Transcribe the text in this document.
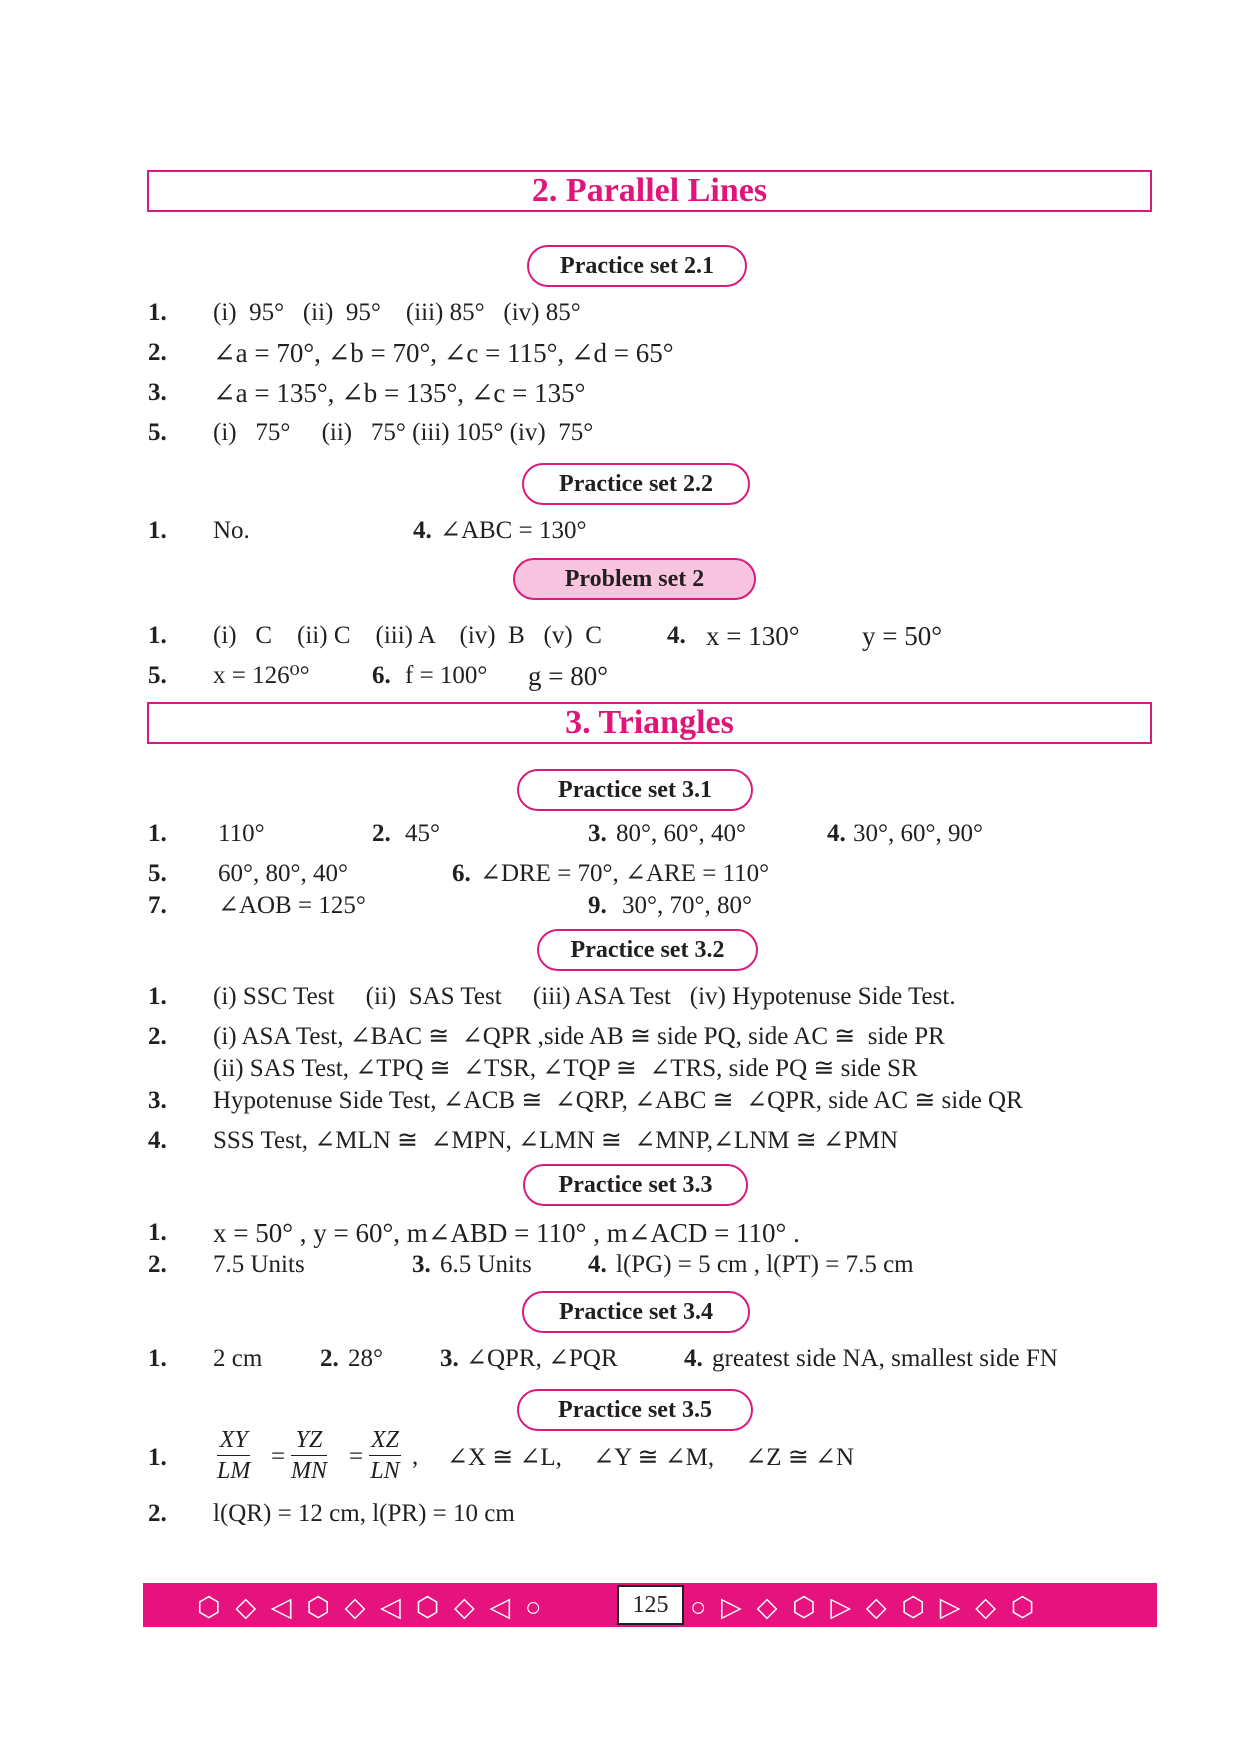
2. Parallel Lines
Practice set 2.1
1. (i)  95°   (ii)  95°    (iii) 85°   (iv) 85°
2. ∠a = 70°, ∠b = 70°, ∠c = 115°, ∠d = 65°
3. ∠a = 135°, ∠b = 135°, ∠c = 135°
5. (i)   75°     (ii)   75° (iii) 105° (iv)  75°
Practice set 2.2
1. No.	4. ∠ABC = 130°
Problem set 2
1. (i)   C    (ii) C    (iii) A    (iv)  B   (v)  C	4. x = 130° y = 50°
5. x = 126⁰° 6. f = 100° g = 80°
3. Triangles
Practice set 3.1
1. 110°	2. 45°	3. 80°, 60°, 40°	4. 30°, 60°, 90°
5. 60°, 80°, 40°	6. ∠DRE = 70°, ∠ARE = 110°
7. ∠AOB = 125°	9. 30°, 70°, 80°
Practice set 3.2
1. (i) SSC Test     (ii)  SAS Test     (iii) ASA Test   (iv) Hypotenuse Side Test.
2. (i) ASA Test, ∠BAC ≅  ∠QPR ,side AB ≅ side PQ, side AC ≅  side PR
(ii) SAS Test, ∠TPQ ≅  ∠TSR, ∠TQP ≅  ∠TRS, side PQ ≅ side SR
3. Hypotenuse Side Test, ∠ACB ≅  ∠QRP, ∠ABC ≅  ∠QPR, side AC ≅ side QR
4. SSS Test, ∠MLN ≅  ∠MPN, ∠LMN ≅  ∠MNP,∠LNM ≅ ∠PMN
Practice set 3.3
1. x = 50° , y = 60°, m∠ABD = 110° , m∠ACD = 110° .
2. 7.5 Units	3. 6.5 Units 4. l(PG) = 5 cm , l(PT) = 7.5 cm
Practice set 3.4
1. 2 cm 2. 28° 3. ∠QPR, ∠PQR	4. greatest side NA, smallest side FN
Practice set 3.5
1. $\frac{XY}{LM} = \frac{YZ}{MN} = \frac{XZ}{LN}$ , ∠X ≅ ∠L,     ∠Y ≅ ∠M,     ∠Z ≅ ∠N
2. l(QR) = 12 cm, l(PR) = 10 cm
⬡ ◇ ◁ ⬡ ◇ ◁ ⬡ ◇ ◁ ○	125 ○ ▷ ◇ ⬡ ▷ ◇ ⬡ ▷ ◇ ⬡
